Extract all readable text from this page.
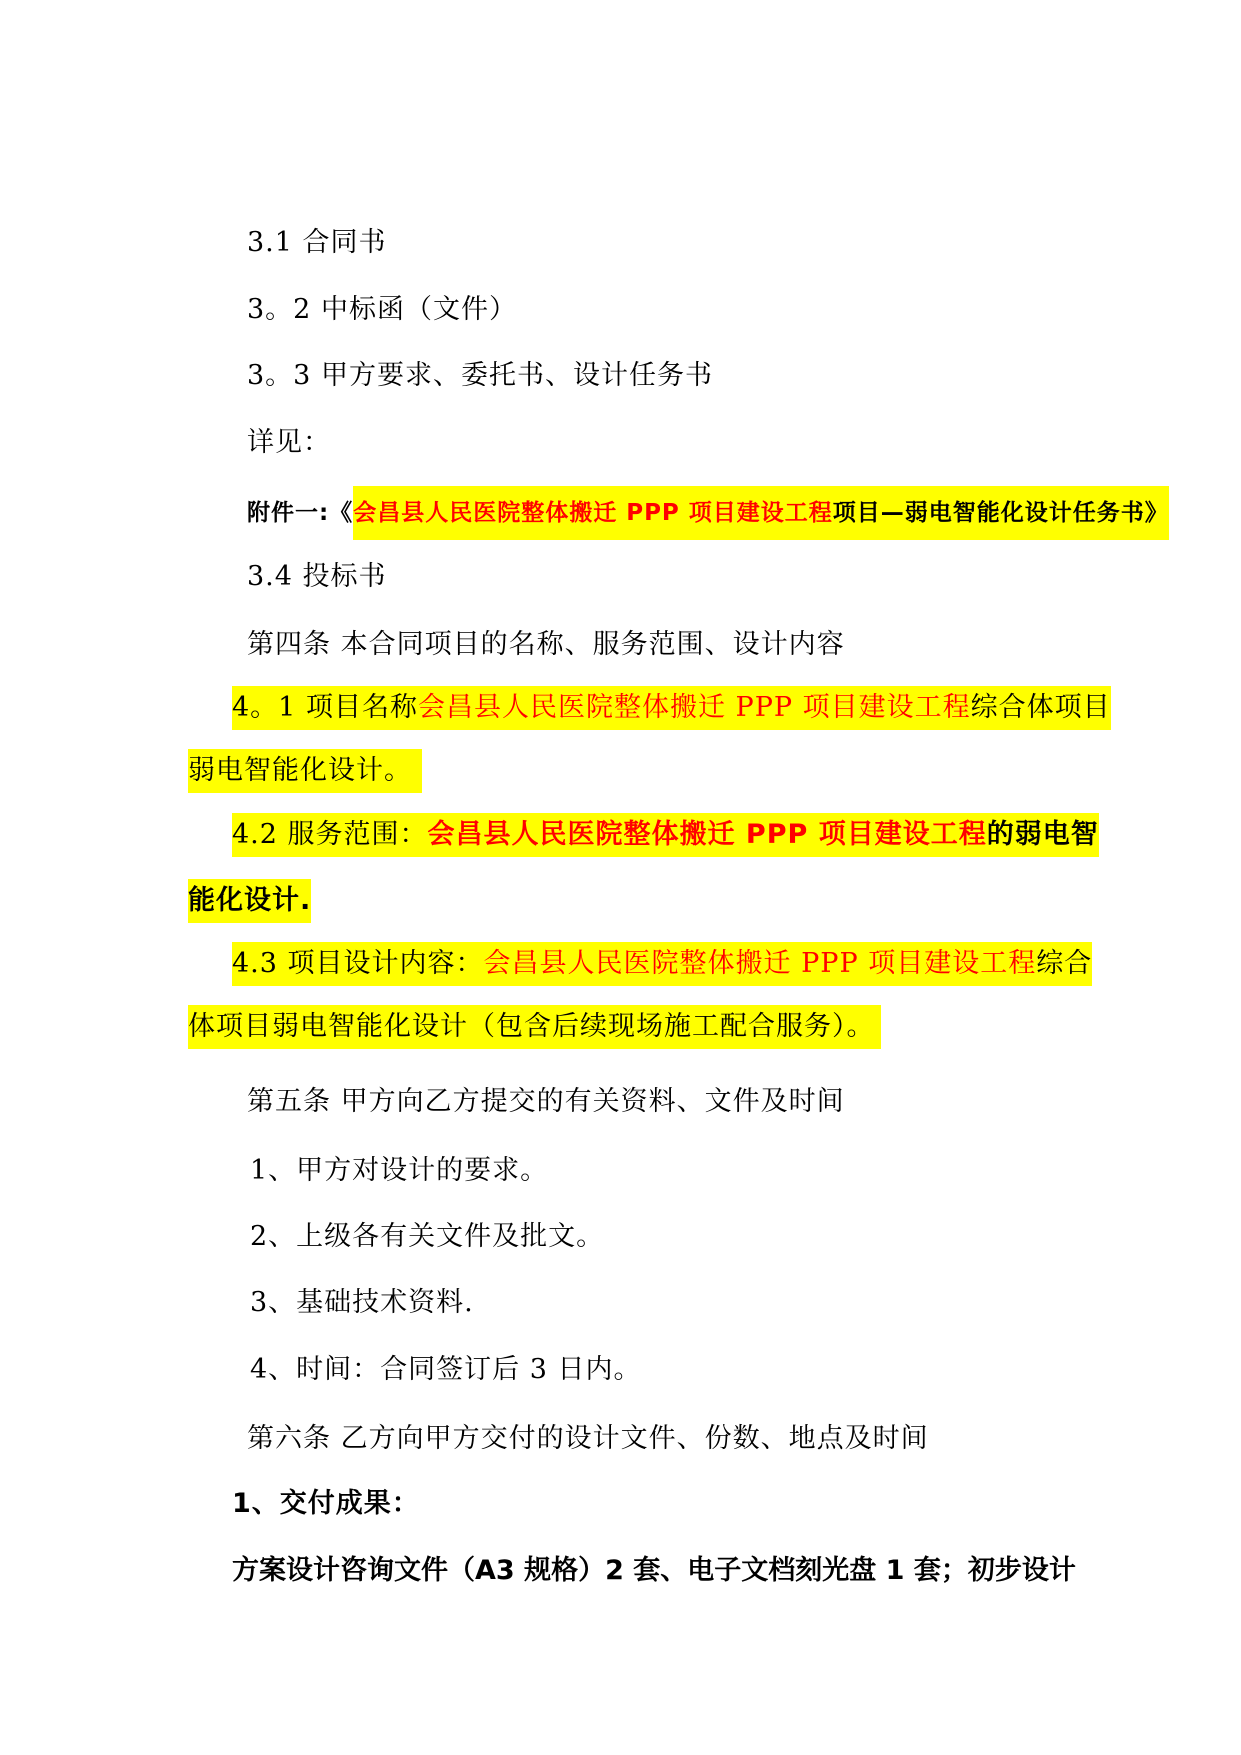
3.1 合同书
3。2 中标函（文件）
3。3 甲方要求、委托书、设计任务书
详见：
附件一:《会昌县人民医院整体搬迁 PPP 项目建设工程项目—弱电智能化设计任务书》
3.4 投标书
第四条 本合同项目的名称、服务范围、设计内容
4。1 项目名称会昌县人民医院整体搬迁 PPP 项目建设工程综合体项目
弱电智能化设计。
4.2 服务范围：会昌县人民医院整体搬迁 PPP 项目建设工程的弱电智
能化设计.
4.3 项目设计内容：会昌县人民医院整体搬迁 PPP 项目建设工程综合
体项目弱电智能化设计（包含后续现场施工配合服务）。
第五条 甲方向乙方提交的有关资料、文件及时间
1、甲方对设计的要求。
2、上级各有关文件及批文。
3、基础技术资料.
4、时间：合同签订后 3 日内。
第六条 乙方向甲方交付的设计文件、份数、地点及时间
1、交付成果：
方案设计咨询文件（A3 规格）2 套、电子文档刻光盘 1 套；初步设计
